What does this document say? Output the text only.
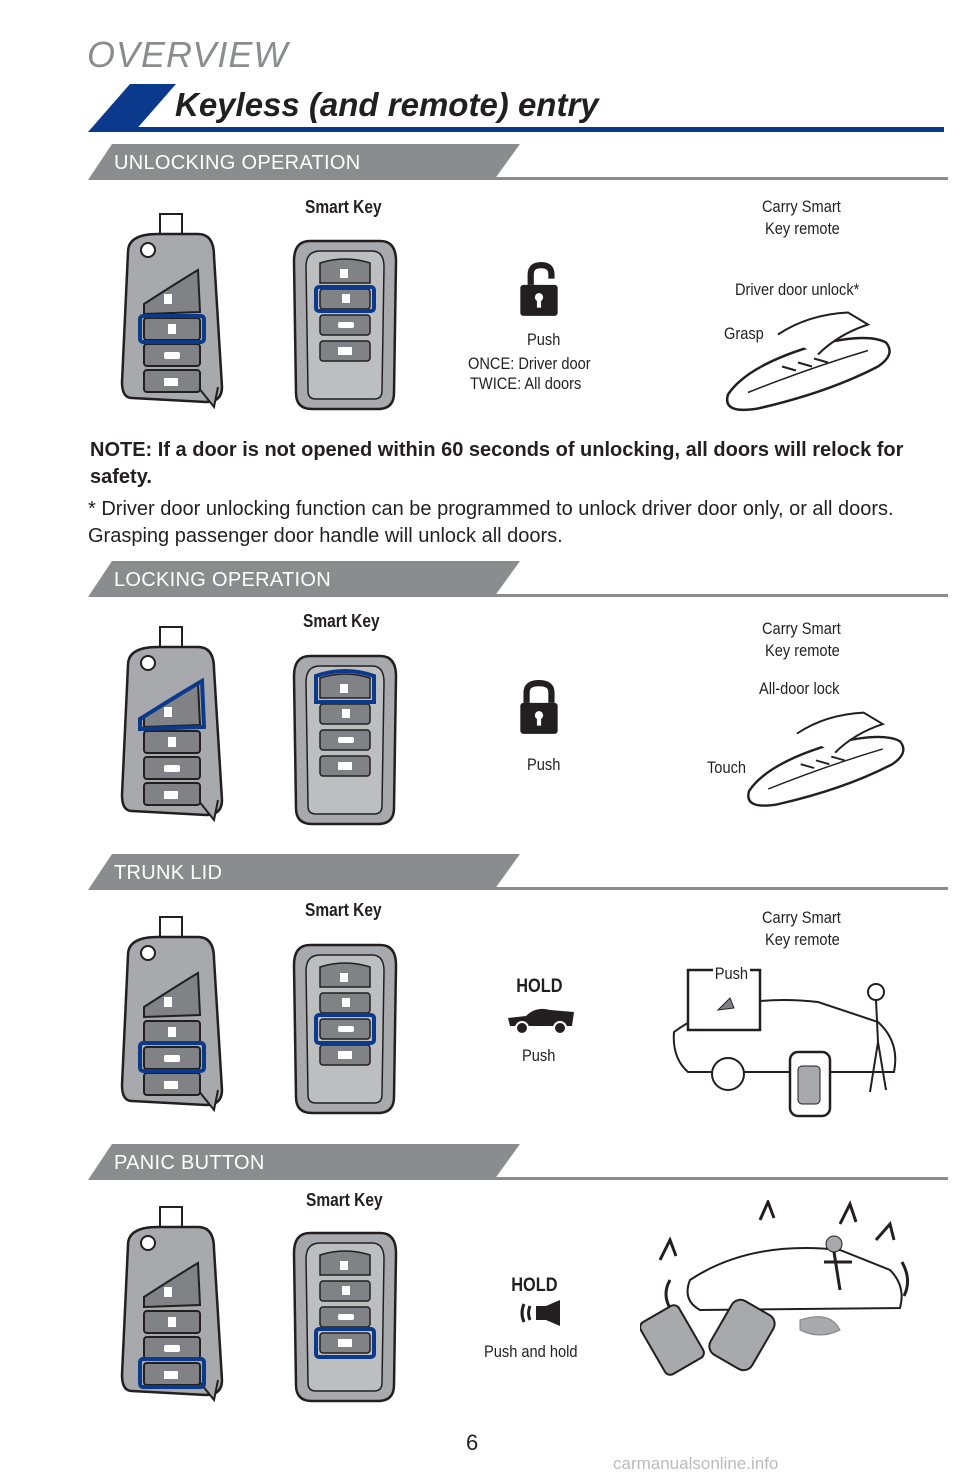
OVERVIEW
Keyless (and remote) entry
UNLOCKING OPERATION
LOCKING OPERATION
TRUNK LID
PANIC BUTTON
Smart Key
Push
ONCE: Driver door
TWICE: All doors
Carry Smart
Key remote
Driver door unlock*
Grasp
NOTE: If a door is not opened within 60 seconds of unlocking, all doors will relock for safety.
* Driver door unlocking function can be programmed to unlock driver door only, or all doors. Grasping passenger door handle will unlock all doors.
Smart Key
Push
Carry Smart
Key remote
All-door lock
Touch
Smart Key
HOLD
Push
Carry Smart
Key remote
Push
Smart Key
HOLD
Push and hold
6
carmanualsonline.info
